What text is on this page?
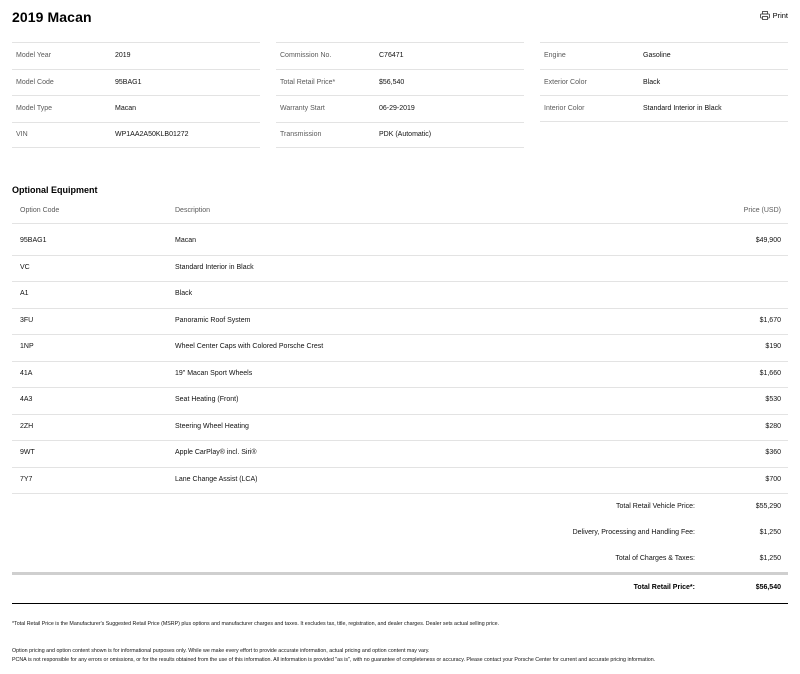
2019 Macan	Print
Model Year	2019
Model Code	95BAG1
Model Type	Macan
VIN	WP1AA2A50KLB01272
Commission No.	C76471
Total Retail Price*	$56,540
Warranty Start	06-29-2019
Transmission	PDK (Automatic)
Engine	Gasoline
Exterior Color	Black
Interior Color	Standard Interior in Black
Optional Equipment
Option Code	Description	Price (USD)
95BAG1	Macan	$49,900
VC	Standard Interior in Black
A1	Black
3FU	Panoramic Roof System	$1,670
1NP	Wheel Center Caps with Colored Porsche Crest	$190
41A	19" Macan Sport Wheels	$1,660
4A3	Seat Heating (Front)	$530
2ZH	Steering Wheel Heating	$280
9WT	Apple CarPlay® incl. Siri®	$360
7Y7	Lane Change Assist (LCA)	$700
Total Retail Vehicle Price:	$55,290
Delivery, Processing and Handling Fee:	$1,250
Total of Charges & Taxes:	$1,250
Total Retail Price*:	$56,540
*Total Retail Price is the Manufacturer's Suggested Retail Price (MSRP) plus options and manufacturer charges and taxes. It excludes tax, title, registration, and dealer charges. Dealer sets actual selling price.
Option pricing and option content shown is for informational purposes only. While we make every effort to provide accurate information, actual pricing and option content may vary.
PCNA is not responsible for any errors or omissions, or for the results obtained from the use of this information. All information is provided "as is", with no guarantee of completeness or accuracy. Please contact your Porsche Center for current and accurate pricing information.
